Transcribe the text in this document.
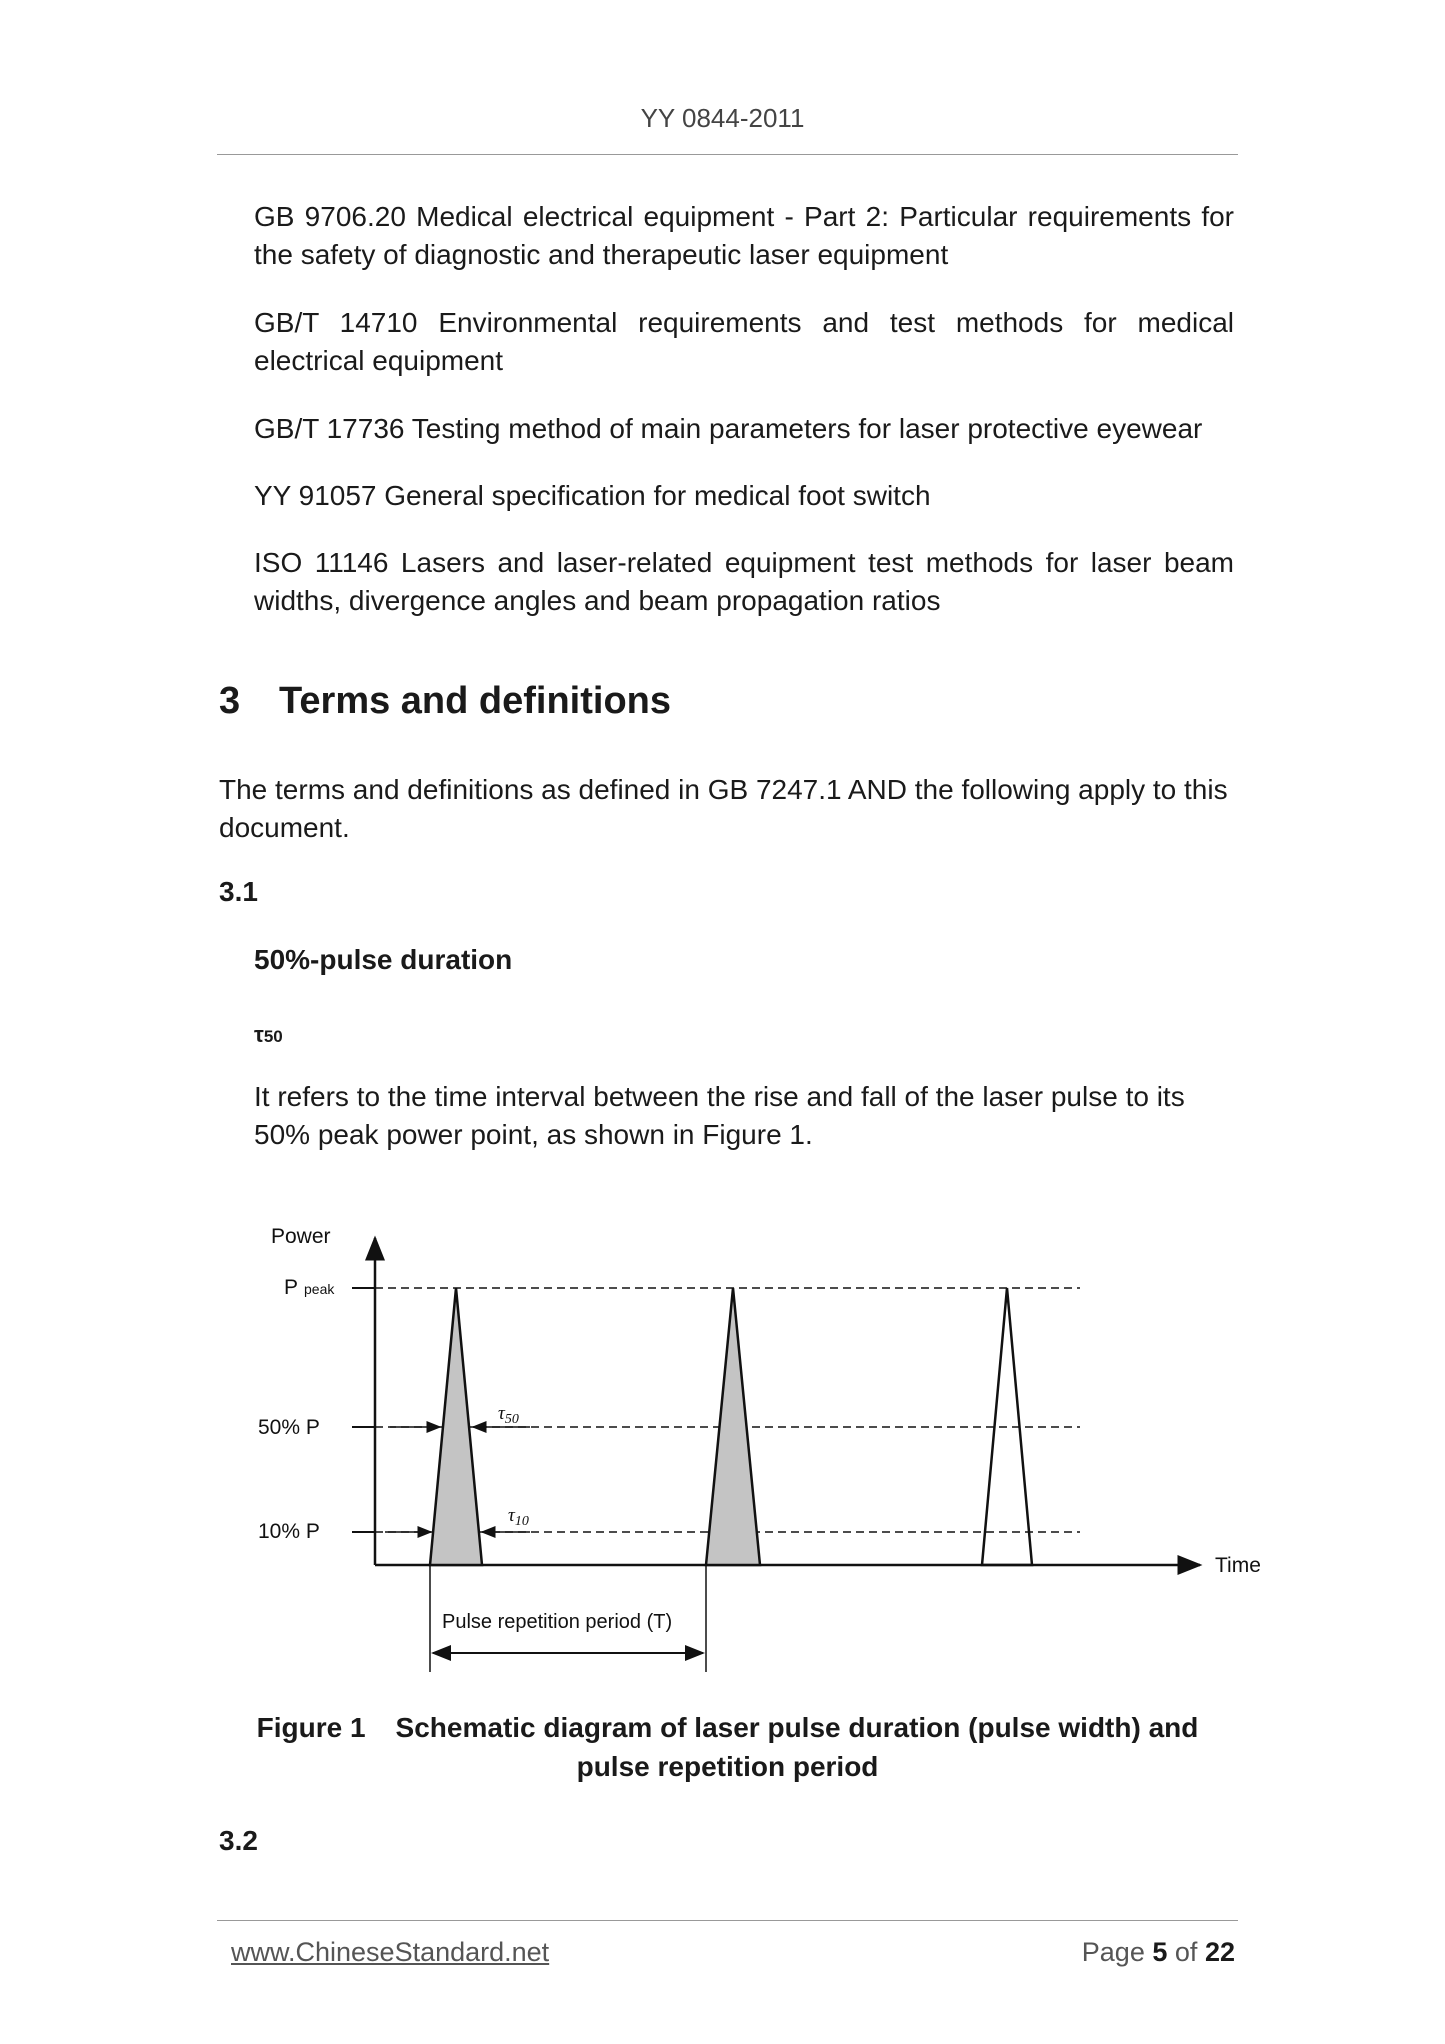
YY 0844-2011
GB 9706.20 Medical electrical equipment - Part 2: Particular requirements for the safety of diagnostic and therapeutic laser equipment
GB/T 14710 Environmental requirements and test methods for medical electrical equipment
GB/T 17736 Testing method of main parameters for laser protective eyewear
YY 91057 General specification for medical foot switch
ISO 11146 Lasers and laser-related equipment test methods for laser beam widths, divergence angles and beam propagation ratios
3 Terms and definitions
The terms and definitions as defined in GB 7247.1 AND the following apply to this document.
3.1
50%-pulse duration
τ50
It refers to the time interval between the rise and fall of the laser pulse to its 50% peak power point, as shown in Figure 1.
Power
Time
Ppeak
50% P
10% P
$\tau_{50}$
$\tau_{10}$
Pulse repetition period (T)
Figure 1 Schematic diagram of laser pulse duration (pulse width) and
pulse repetition period
3.2
www.ChineseStandard.net	Page 5 of 22
